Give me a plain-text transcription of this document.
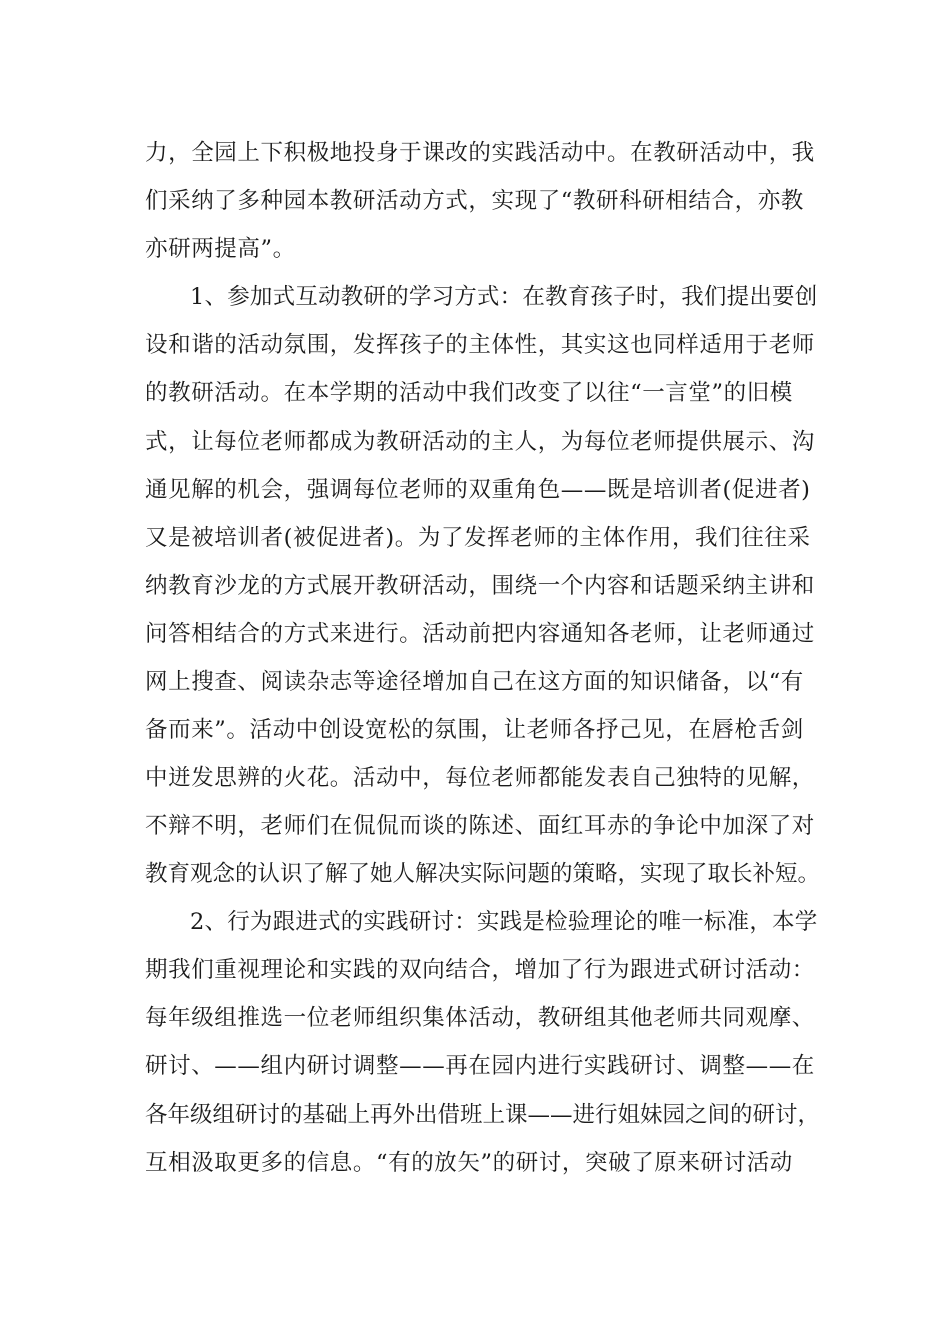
力，全园上下积极地投身于课改的实践活动中。在教研活动中，我
们采纳了多种园本教研活动方式，实现了“教研科研相结合，亦教
亦研两提高”。
1、参加式互动教研的学习方式：在教育孩子时，我们提出要创
设和谐的活动氛围，发挥孩子的主体性，其实这也同样适用于老师
的教研活动。在本学期的活动中我们改变了以往“一言堂”的旧模
式，让每位老师都成为教研活动的主人，为每位老师提供展示、沟
通见解的机会，强调每位老师的双重角色——既是培训者(促进者)
又是被培训者(被促进者)。为了发挥老师的主体作用，我们往往采
纳教育沙龙的方式展开教研活动，围绕一个内容和话题采纳主讲和
问答相结合的方式来进行。活动前把内容通知各老师，让老师通过
网上搜查、阅读杂志等途径增加自己在这方面的知识储备，以“有
备而来”。活动中创设宽松的氛围，让老师各抒己见，在唇枪舌剑
中迸发思辨的火花。活动中，每位老师都能发表自己独特的见解，
不辩不明，老师们在侃侃而谈的陈述、面红耳赤的争论中加深了对
教育观念的认识了解了她人解决实际问题的策略，实现了取长补短。
2、行为跟进式的实践研讨：实践是检验理论的唯一标准，本学
期我们重视理论和实践的双向结合，增加了行为跟进式研讨活动：
每年级组推选一位老师组织集体活动，教研组其他老师共同观摩、
研讨、——组内研讨调整——再在园内进行实践研讨、调整——在
各年级组研讨的基础上再外出借班上课——进行姐妹园之间的研讨，
互相汲取更多的信息。“有的放矢”的研讨，突破了原来研讨活动
